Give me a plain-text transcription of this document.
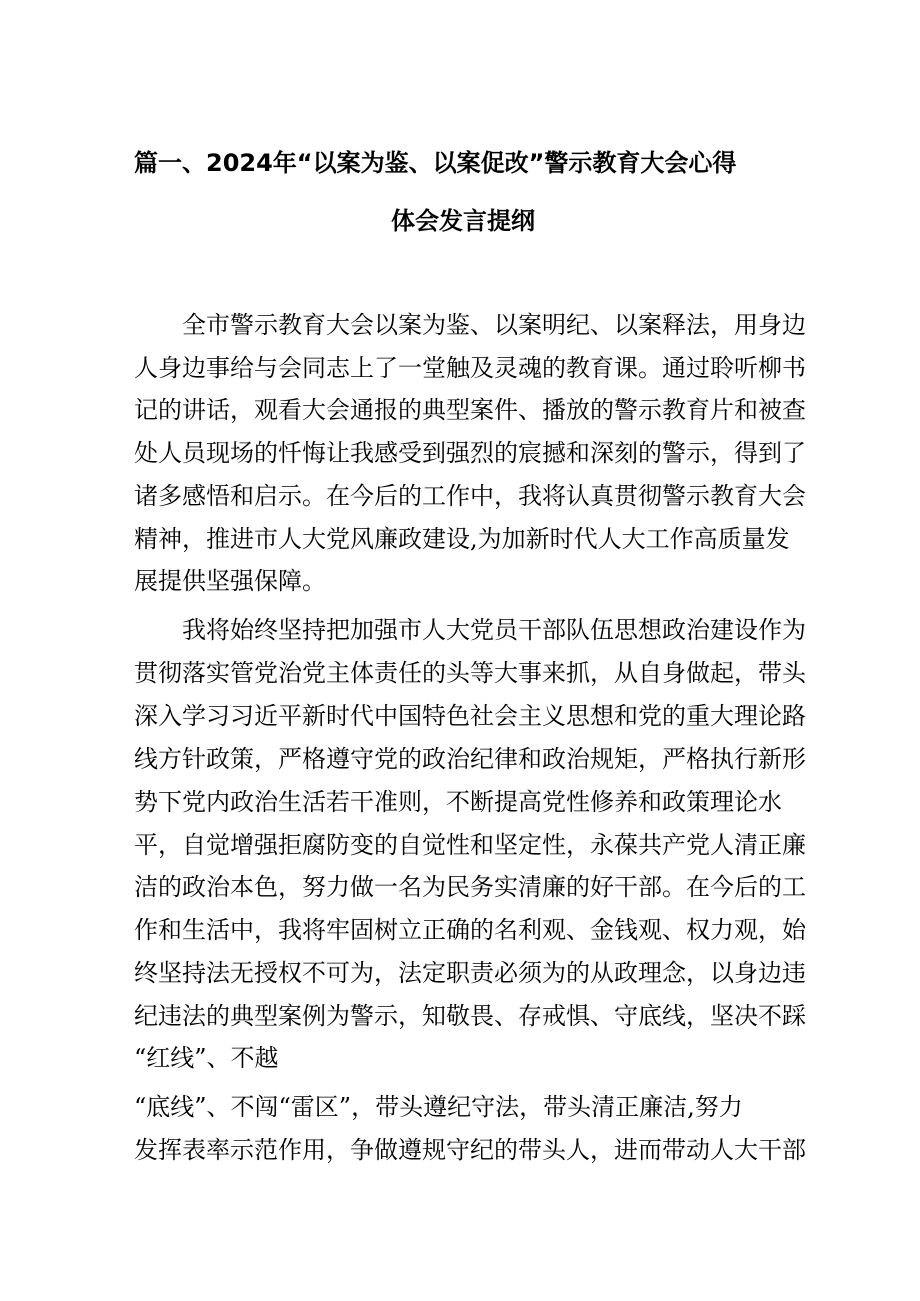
篇一、2024年“以案为鉴、以案促改”警示教育大会心得
体会发言提纲
　　全市警示教育大会以案为鉴、以案明纪、以案释法，用身边
人身边事给与会同志上了一堂触及灵魂的教育课。通过聆听柳书
记的讲话，观看大会通报的典型案件、播放的警示教育片和被查
处人员现场的忏悔让我感受到强烈的宸撼和深刻的警示，得到了
诸多感悟和启示。在今后的工作中，我将认真贯彻警示教育大会
精神，推进市人大党风廉政建设,为加新时代人大工作高质量发
展提供坚强保障。
　　我将始终坚持把加强市人大党员干部队伍思想政治建设作为
贯彻落实管党治党主体责任的头等大事来抓，从自身做起，带头
深入学习习近平新时代中国特色社会主义思想和党的重大理论路
线方针政策，严格遵守党的政治纪律和政治规矩，严格执行新形
势下党内政治生活若干准则，不断提高党性修养和政策理论水
平，自觉增强拒腐防变的自觉性和坚定性，永葆共产党人清正廉
洁的政治本色，努力做一名为民务实清廉的好干部。在今后的工
作和生活中，我将牢固树立正确的名利观、金钱观、权力观，始
终坚持法无授权不可为，法定职责必须为的从政理念，以身边违
纪违法的典型案例为警示，知敬畏、存戒惧、守底线，坚决不踩
“红线”、不越
“底线”、不闯“雷区”，带头遵纪守法，带头清正廉洁,努力
发挥表率示范作用，争做遵规守纪的带头人，进而带动人大干部
